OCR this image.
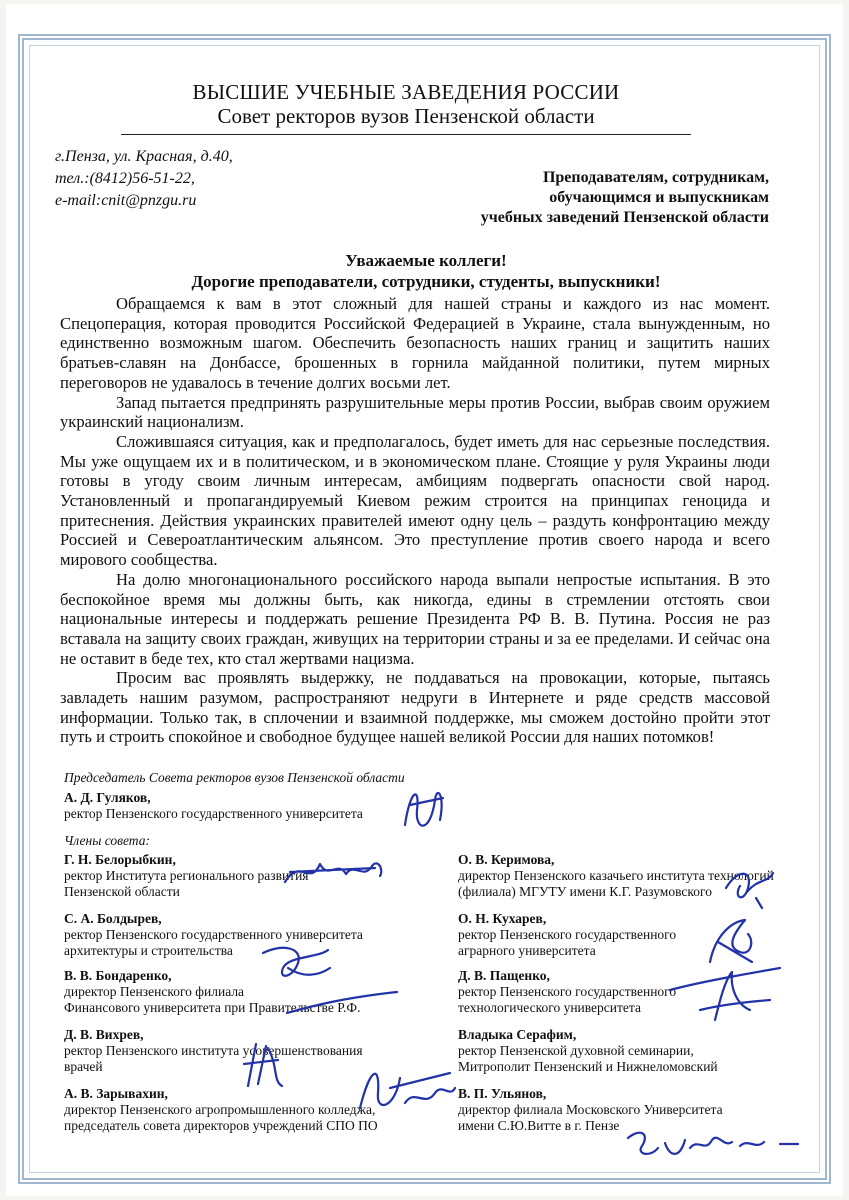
ВЫСШИЕ УЧЕБНЫЕ ЗАВЕДЕНИЯ РОССИИ

Совет ректоров вузов Пензенской области

г.Пенза, ул. Красная, д.40,
тел.:(8412)56-51-22,
e-mail:cnit@pnzgu.ru
Преподавателям, сотрудникам,
обучающимся и выпускникам
учебных заведений Пензенской области
Уважаемые коллеги!
Дорогие преподаватели, сотрудники, студенты, выпускники!

Обращаемся к вам в этот сложный для нашей страны и каждого из нас момент. Спецоперация, которая проводится Российской Федерацией в Украине, стала вынужденным, но единственно возможным шагом. Обеспечить безопасность наших границ и защитить наших братьев-славян на Донбассе, брошенных в горнила майданной политики, путем мирных переговоров не удавалось в течение долгих восьми лет.

Запад пытается предпринять разрушительные меры против России, выбрав своим оружием украинский национализм.

Сложившаяся ситуация, как и предполагалось, будет иметь для нас серьезные последствия. Мы уже ощущаем их и в политическом, и в экономическом плане. Стоящие у руля Украины люди готовы в угоду своим личным интересам, амбициям подвергать опасности свой народ. Установленный и пропагандируемый Киевом режим строится на принципах геноцида и притеснения. Действия украинских правителей имеют одну цель – раздуть конфронтацию между Россией и Североатлантическим альянсом. Это преступление против своего народа и всего мирового сообщества.

На долю многонационального российского народа выпали непростые испытания. В это беспокойное время мы должны быть, как никогда, едины в стремлении отстоять свои национальные интересы и поддержать решение Президента РФ В. В. Путина. Россия не раз вставала на защиту своих граждан, живущих на территории страны и за ее пределами. И сейчас она не оставит в беде тех, кто стал жертвами нацизма.

Просим вас проявлять выдержку, не поддаваться на провокации, которые, пытаясь завладеть нашим разумом, распространяют недруги в Интернете и ряде средств массовой информации. Только так, в сплочении и взаимной поддержке, мы сможем достойно пройти этот путь и строить спокойное и свободное будущее нашей великой России для наших потомков!

Председатель Совета ректоров вузов Пензенской области
А. Д. Гуляков,
ректор Пензенского государственного университета
Члены совета:
Г. Н. Белорыбкин,
ректор Института регионального развития
Пензенской области
С. А. Болдырев,
ректор Пензенского государственного университета
архитектуры и строительства
В. В. Бондаренко,
директор Пензенского филиала
Финансового университета при Правительстве Р.Ф.
Д. В. Вихрев,
ректор Пензенского института усовершенствования
врачей
А. В. Зарывахин,
директор Пензенского агропромышленного колледжа,
председатель совета директоров учреждений СПО ПО
О. В. Керимова,
директор Пензенского казачьего института технологий
(филиала) МГУТУ имени К.Г. Разумовского
О. Н. Кухарев,
ректор Пензенского государственного
аграрного университета
Д. В. Пащенко,
ректор Пензенского государственного
технологического университета
Владыка Серафим,
ректор Пензенской духовной семинарии,
Митрополит Пензенский и Нижнеломовский
В. П. Ульянов,
директор филиала Московского Университета
имени С.Ю.Витте в г. Пензе
